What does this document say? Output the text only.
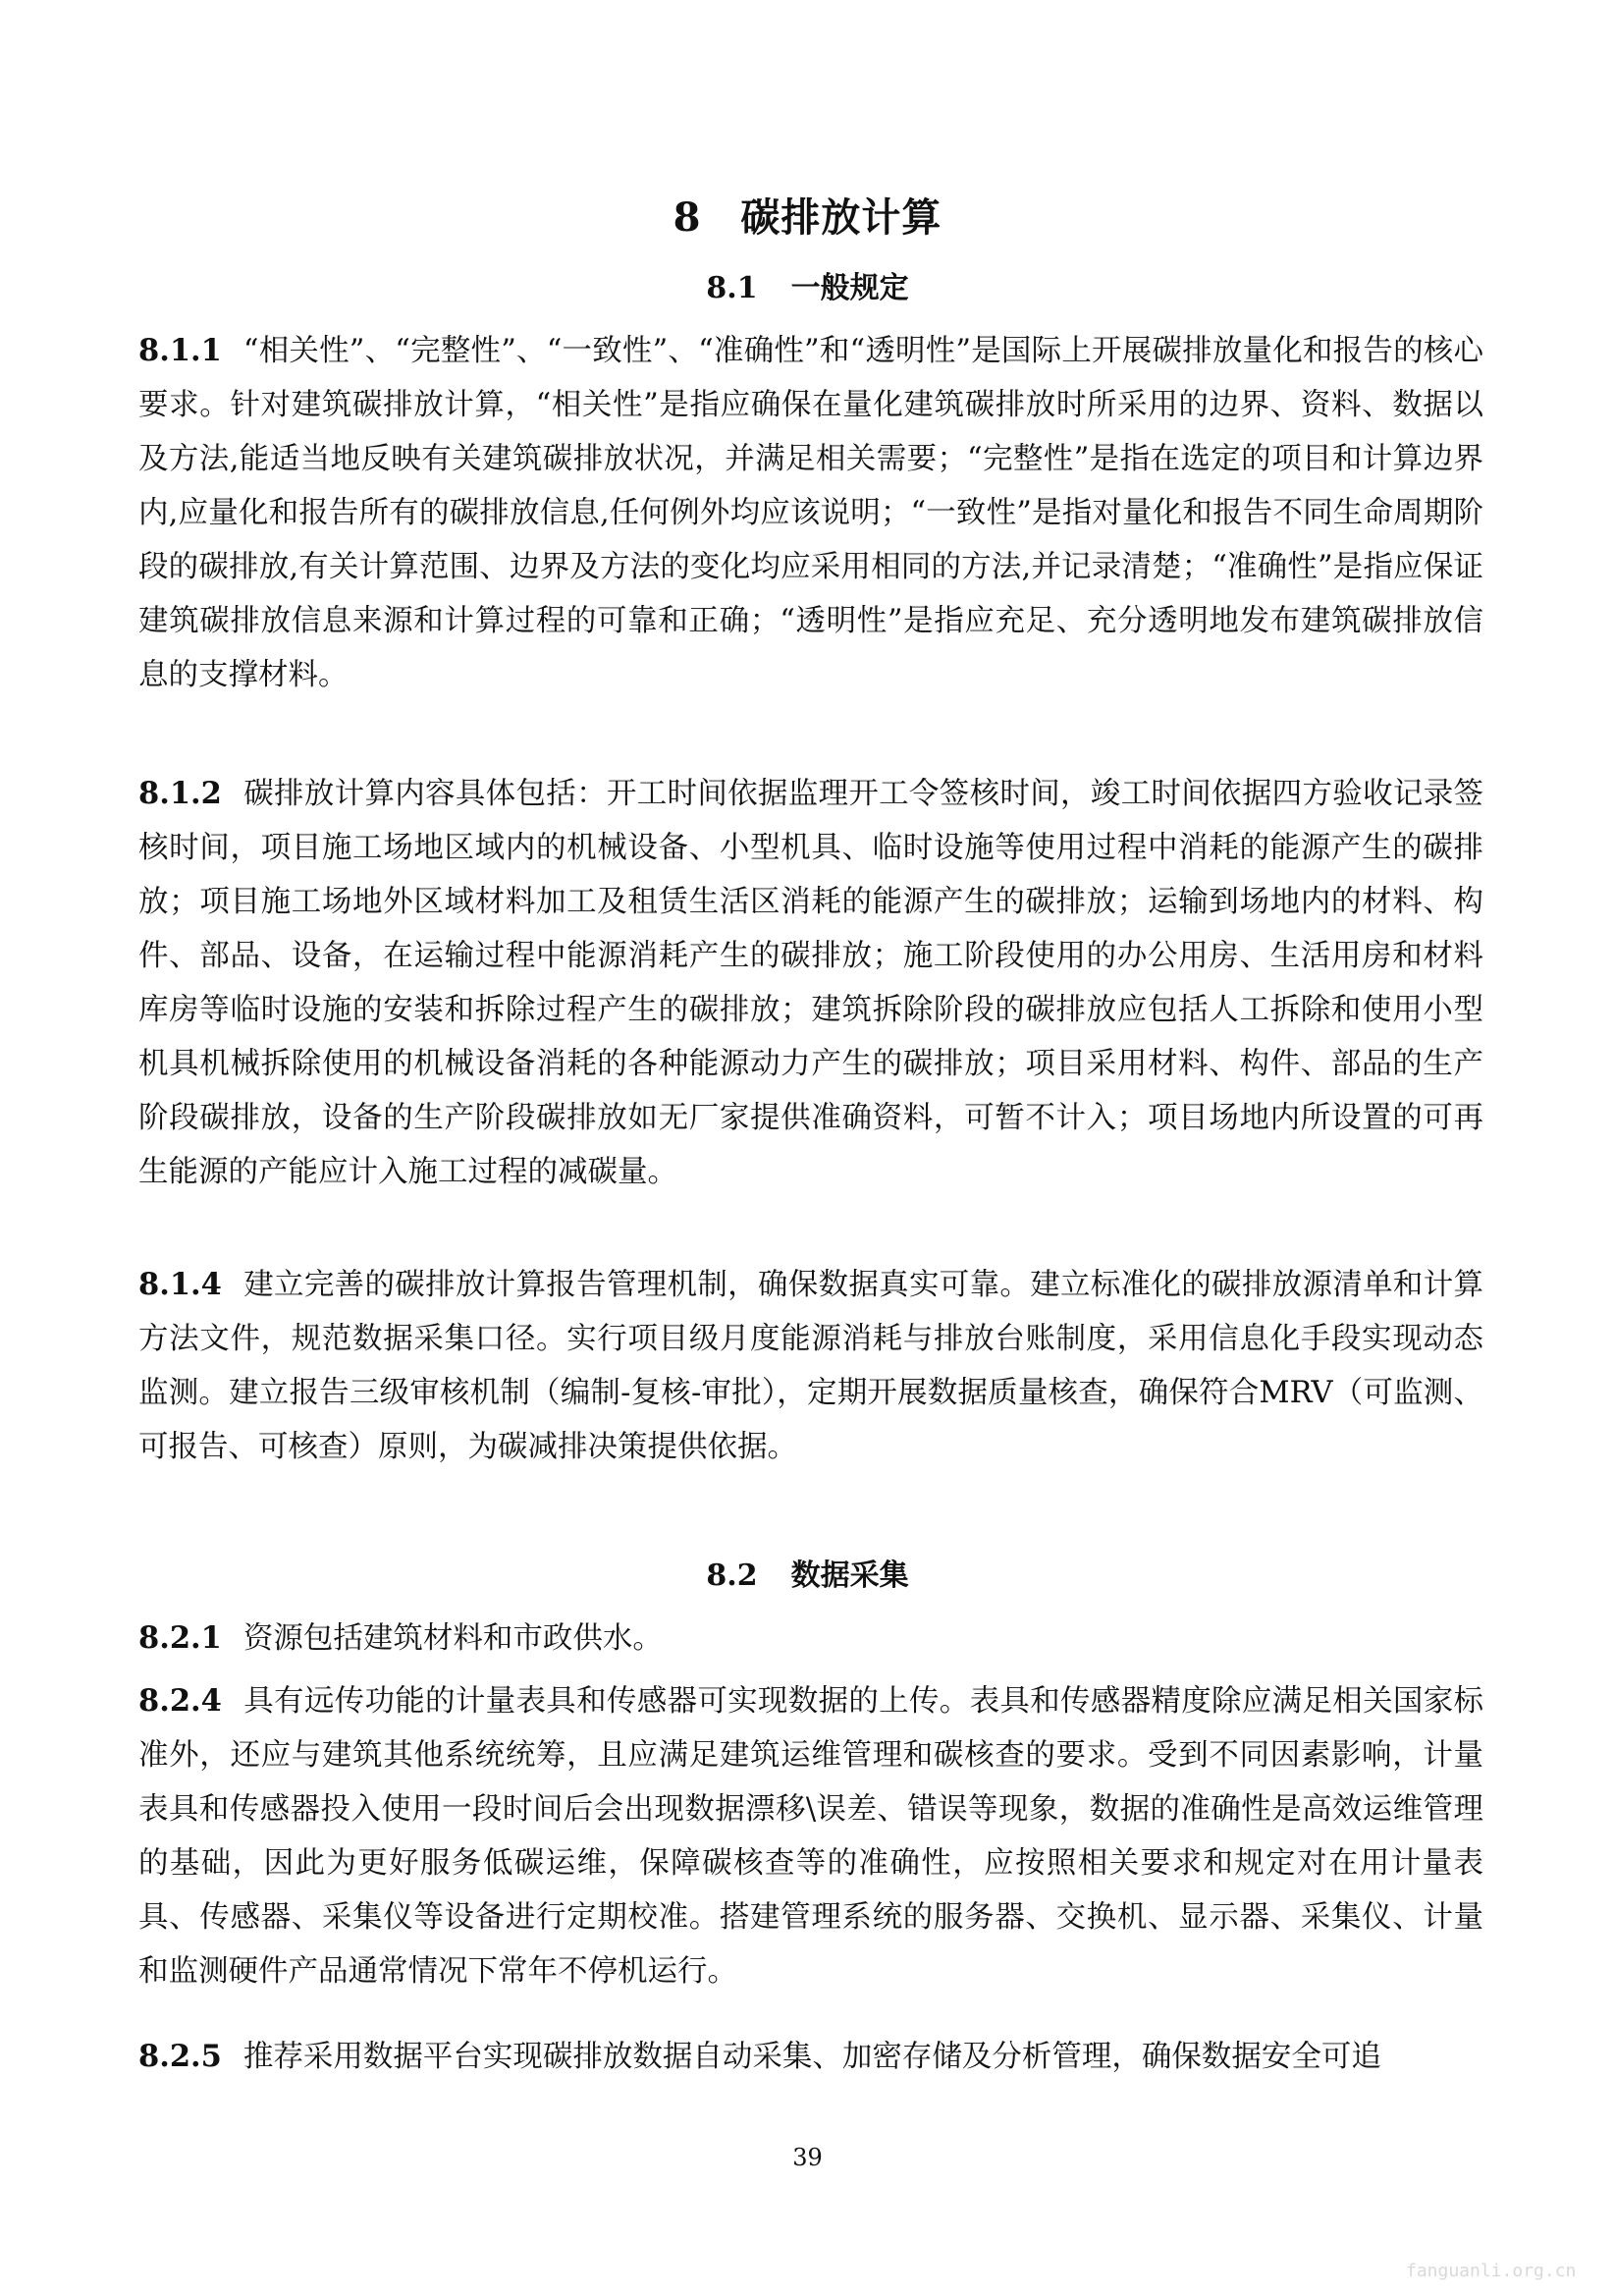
8 碳排放计算
8.1 一般规定
8.1.1 “相关性”、“完整性”、“一致性”、“准确性”和“透明性”是国际上开展碳排放量化和报告的核心要求。针对建筑碳排放计算，“相关性”是指应确保在量化建筑碳排放时所采用的边界、资料、数据以及方法,能适当地反映有关建筑碳排放状况，并满足相关需要；“完整性”是指在选定的项目和计算边界内,应量化和报告所有的碳排放信息,任何例外均应该说明；“一致性”是指对量化和报告不同生命周期阶段的碳排放,有关计算范围、边界及方法的变化均应采用相同的方法,并记录清楚；“准确性”是指应保证建筑碳排放信息来源和计算过程的可靠和正确；“透明性”是指应充足、充分透明地发布建筑碳排放信息的支撑材料。
8.1.2 碳排放计算内容具体包括：开工时间依据监理开工令签核时间，竣工时间依据四方验收记录签核时间，项目施工场地区域内的机械设备、小型机具、临时设施等使用过程中消耗的能源产生的碳排放；项目施工场地外区域材料加工及租赁生活区消耗的能源产生的碳排放；运输到场地内的材料、构件、部品、设备，在运输过程中能源消耗产生的碳排放；施工阶段使用的办公用房、生活用房和材料库房等临时设施的安装和拆除过程产生的碳排放；建筑拆除阶段的碳排放应包括人工拆除和使用小型机具机械拆除使用的机械设备消耗的各种能源动力产生的碳排放；项目采用材料、构件、部品的生产阶段碳排放，设备的生产阶段碳排放如无厂家提供准确资料，可暂不计入；项目场地内所设置的可再生能源的产能应计入施工过程的减碳量。
8.1.4 建立完善的碳排放计算报告管理机制，确保数据真实可靠。建立标准化的碳排放源清单和计算方法文件，规范数据采集口径。实行项目级月度能源消耗与排放台账制度，采用信息化手段实现动态监测。建立报告三级审核机制（编制-复核-审批），定期开展数据质量核查，确保符合MRV（可监测、可报告、可核查）原则，为碳减排决策提供依据。
8.2 数据采集
8.2.1 资源包括建筑材料和市政供水。
8.2.4 具有远传功能的计量表具和传感器可实现数据的上传。表具和传感器精度除应满足相关国家标准外，还应与建筑其他系统统筹，且应满足建筑运维管理和碳核查的要求。受到不同因素影响，计量表具和传感器投入使用一段时间后会出现数据漂移\误差、错误等现象，数据的准确性是高效运维管理的基础，因此为更好服务低碳运维，保障碳核查等的准确性，应按照相关要求和规定对在用计量表具、传感器、采集仪等设备进行定期校准。搭建管理系统的服务器、交换机、显示器、采集仪、计量和监测硬件产品通常情况下常年不停机运行。
8.2.5 推荐采用数据平台实现碳排放数据自动采集、加密存储及分析管理，确保数据安全可追
39
fanguanli.org.cn
